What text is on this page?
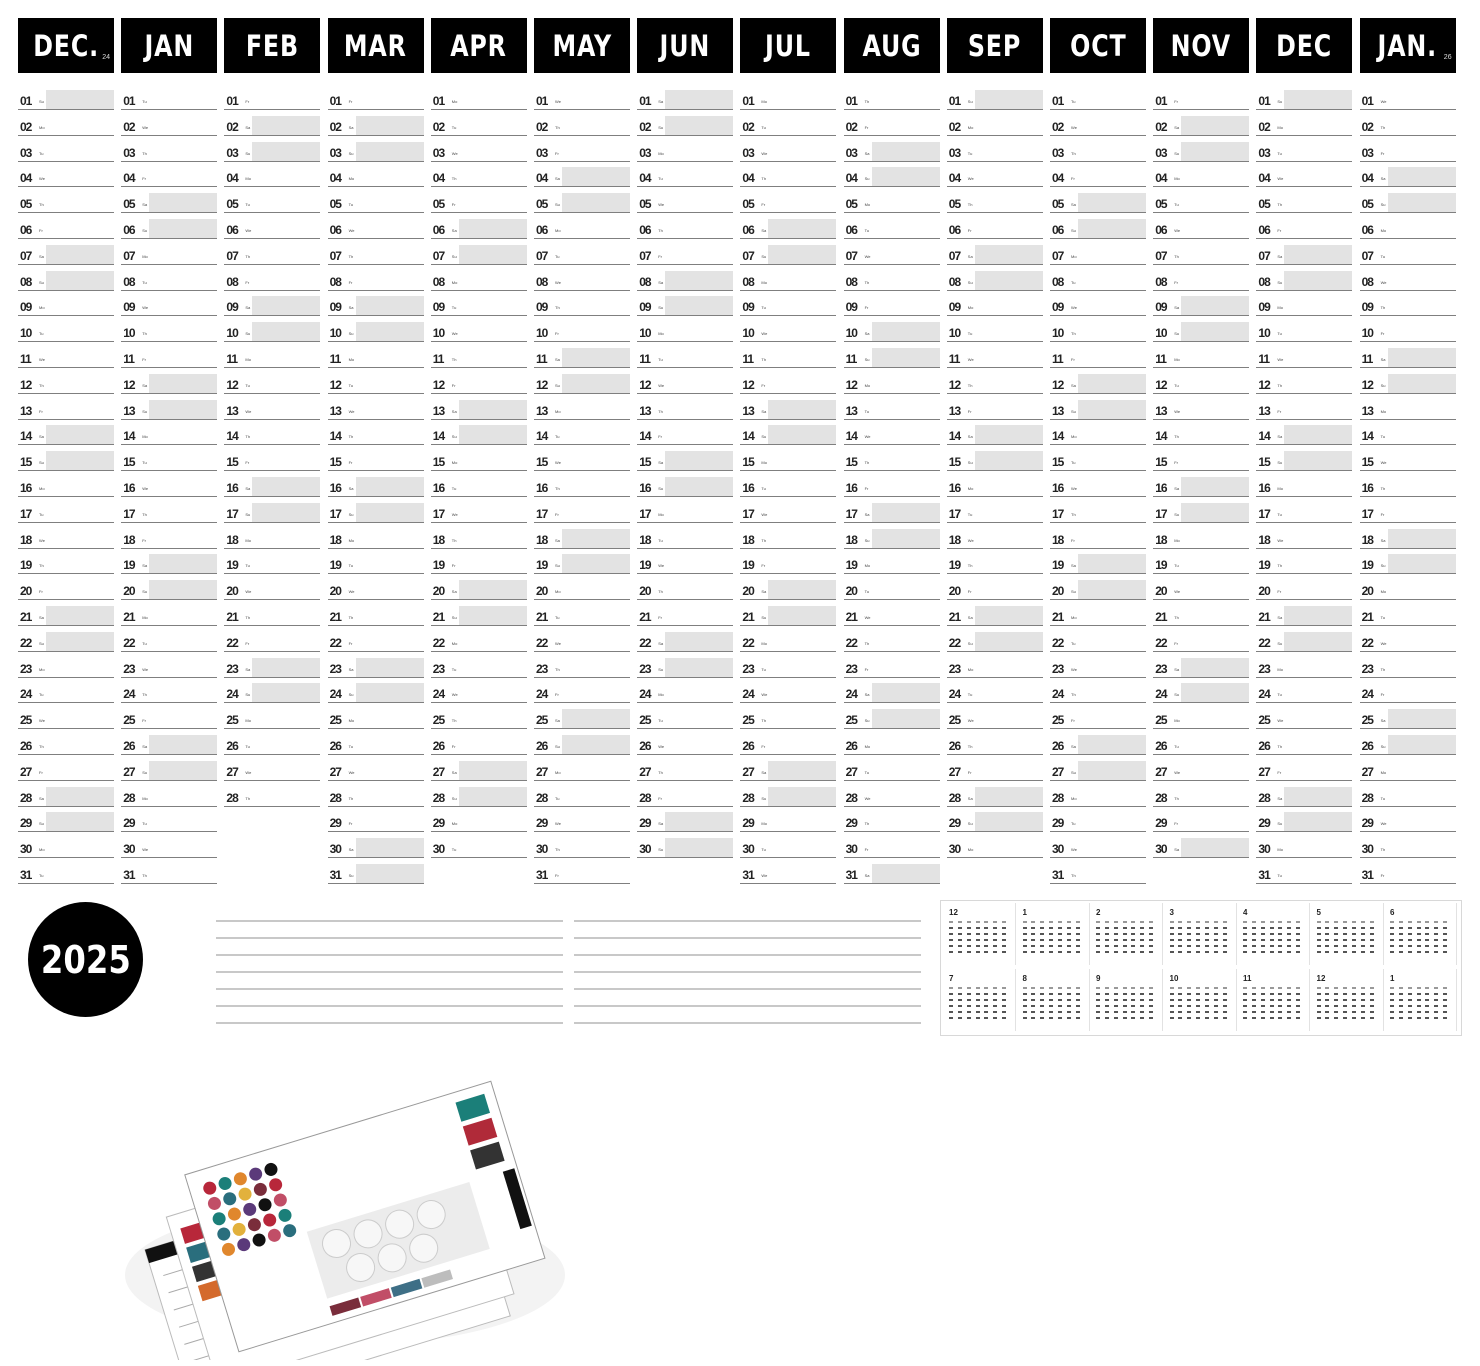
DEC. 24
01 Su
02 Mo
03 Tu
04 We
05 Th
06 Fr
07 Sa
08 Su
09 Mo
10 Tu
11 We
12 Th
13 Fr
14 Sa
15 Su
16 Mo
17 Tu
18 We
19 Th
20 Fr
21 Sa
22 Su
23 Mo
24 Tu
25 We
26 Th
27 Fr
28 Sa
29 Su
30 Mo
31 Tu
JAN
01 Tu
02 We
03 Th
04 Fr
05 Sa
06 Su
07 Mo
08 Tu
09 We
10 Th
11 Fr
12 Sa
13 Su
14 Mo
15 Tu
16 We
17 Th
18 Fr
19 Sa
20 Su
21 Mo
22 Tu
23 We
24 Th
25 Fr
26 Sa
27 Su
28 Mo
29 Tu
30 We
31 Th
FEB
01 Fr
02 Sa
03 Su
04 Mo
05 Tu
06 We
07 Th
08 Fr
09 Sa
10 Su
11 Mo
12 Tu
13 We
14 Th
15 Fr
16 Sa
17 Su
18 Mo
19 Tu
20 We
21 Th
22 Fr
23 Sa
24 Su
25 Mo
26 Tu
27 We
28 Th
MAR
01 Fr
02 Sa
03 Su
04 Mo
05 Tu
06 We
07 Th
08 Fr
09 Sa
10 Su
11 Mo
12 Tu
13 We
14 Th
15 Fr
16 Sa
17 Su
18 Mo
19 Tu
20 We
21 Th
22 Fr
23 Sa
24 Su
25 Mo
26 Tu
27 We
28 Th
29 Fr
30 Sa
31 Su
APR
01 Mo
02 Tu
03 We
04 Th
05 Fr
06 Sa
07 Su
08 Mo
09 Tu
10 We
11 Th
12 Fr
13 Sa
14 Su
15 Mo
16 Tu
17 We
18 Th
19 Fr
20 Sa
21 Su
22 Mo
23 Tu
24 We
25 Th
26 Fr
27 Sa
28 Su
29 Mo
30 Tu
MAY
01 We
02 Th
03 Fr
04 Sa
05 Su
06 Mo
07 Tu
08 We
09 Th
10 Fr
11 Sa
12 Su
13 Mo
14 Tu
15 We
16 Th
17 Fr
18 Sa
19 Su
20 Mo
21 Tu
22 We
23 Th
24 Fr
25 Sa
26 Su
27 Mo
28 Tu
29 We
30 Th
31 Fr
JUN
01 Sa
02 Su
03 Mo
04 Tu
05 We
06 Th
07 Fr
08 Sa
09 Su
10 Mo
11 Tu
12 We
13 Th
14 Fr
15 Sa
16 Su
17 Mo
18 Tu
19 We
20 Th
21 Fr
22 Sa
23 Su
24 Mo
25 Tu
26 We
27 Th
28 Fr
29 Sa
30 Su
JUL
01 Mo
02 Tu
03 We
04 Th
05 Fr
06 Sa
07 Su
08 Mo
09 Tu
10 We
11 Th
12 Fr
13 Sa
14 Su
15 Mo
16 Tu
17 We
18 Th
19 Fr
20 Sa
21 Su
22 Mo
23 Tu
24 We
25 Th
26 Fr
27 Sa
28 Su
29 Mo
30 Tu
31 We
AUG
01 Th
02 Fr
03 Sa
04 Su
05 Mo
06 Tu
07 We
08 Th
09 Fr
10 Sa
11 Su
12 Mo
13 Tu
14 We
15 Th
16 Fr
17 Sa
18 Su
19 Mo
20 Tu
21 We
22 Th
23 Fr
24 Sa
25 Su
26 Mo
27 Tu
28 We
29 Th
30 Fr
31 Sa
SEP
01 Su
02 Mo
03 Tu
04 We
05 Th
06 Fr
07 Sa
08 Su
09 Mo
10 Tu
11 We
12 Th
13 Fr
14 Sa
15 Su
16 Mo
17 Tu
18 We
19 Th
20 Fr
21 Sa
22 Su
23 Mo
24 Tu
25 We
26 Th
27 Fr
28 Sa
29 Su
30 Mo
OCT
01 Tu
02 We
03 Th
04 Fr
05 Sa
06 Su
07 Mo
08 Tu
09 We
10 Th
11 Fr
12 Sa
13 Su
14 Mo
15 Tu
16 We
17 Th
18 Fr
19 Sa
20 Su
21 Mo
22 Tu
23 We
24 Th
25 Fr
26 Sa
27 Su
28 Mo
29 Tu
30 We
31 Th
NOV
01 Fr
02 Sa
03 Su
04 Mo
05 Tu
06 We
07 Th
08 Fr
09 Sa
10 Su
11 Mo
12 Tu
13 We
14 Th
15 Fr
16 Sa
17 Su
18 Mo
19 Tu
20 We
21 Th
22 Fr
23 Sa
24 Su
25 Mo
26 Tu
27 We
28 Th
29 Fr
30 Sa
DEC
01 Su
02 Mo
03 Tu
04 We
05 Th
06 Fr
07 Sa
08 Su
09 Mo
10 Tu
11 We
12 Th
13 Fr
14 Sa
15 Su
16 Mo
17 Tu
18 We
19 Th
20 Fr
21 Sa
22 Su
23 Mo
24 Tu
25 We
26 Th
27 Fr
28 Sa
29 Su
30 Mo
31 Tu
JAN. 26
01 We
02 Th
03 Fr
04 Sa
05 Su
06 Mo
07 Tu
08 We
09 Th
10 Fr
11 Sa
12 Su
13 Mo
14 Tu
15 We
16 Th
17 Fr
18 Sa
19 Su
20 Mo
21 Tu
22 We
23 Th
24 Fr
25 Sa
26 Su
27 Mo
28 Tu
29 We
30 Th
31 Fr
2025
12	1	2	3	4	5	6
7	8	9	10	11	12	1
